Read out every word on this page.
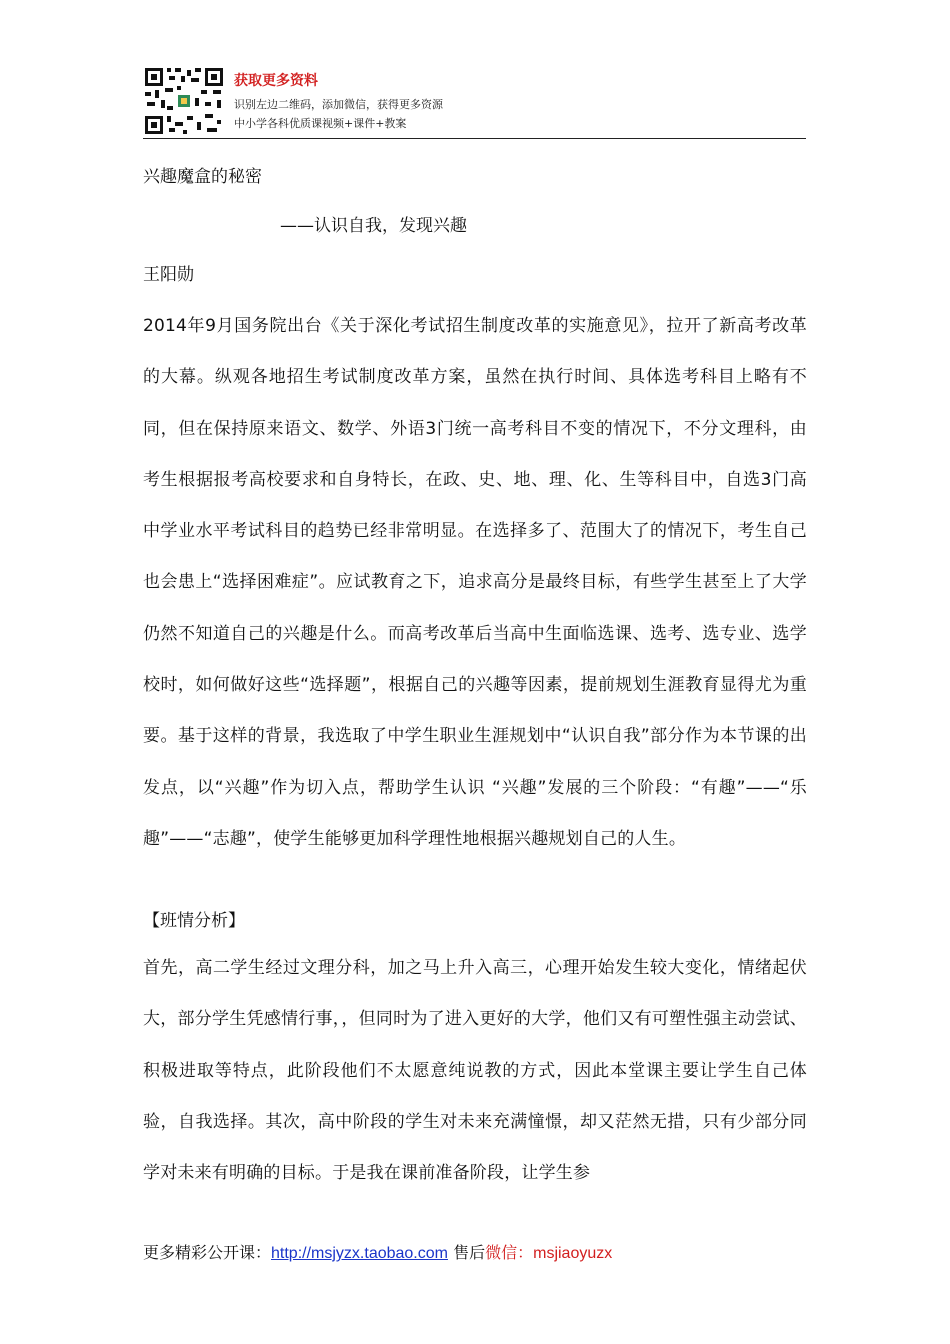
获取更多资料
识别左边二维码，添加微信，获得更多资源
中小学各科优质课视频+课件+教案
兴趣魔盒的秘密
——认识自我，发现兴趣
王阳勋

2014年9月国务院出台《关于深化考试招生制度改革的实施意见》，拉开了新高考改革的大幕。纵观各地招生考试制度改革方案，虽然在执行时间、具体选考科目上略有不同，但在保持原来语文、数学、外语3门统一高考科目不变的情况下，不分文理科，由考生根据报考高校要求和自身特长，在政、史、地、理、化、生等科目中，自选3门高中学业水平考试科目的趋势已经非常明显。在选择多了、范围大了的情况下，考生自己也会患上“选择困难症”。应试教育之下，追求高分是最终目标，有些学生甚至上了大学仍然不知道自己的兴趣是什么。而高考改革后当高中生面临选课、选考、选专业、选学校时，如何做好这些“选择题”，根据自己的兴趣等因素，提前规划生涯教育显得尤为重要。基于这样的背景，我选取了中学生职业生涯规划中“认识自我”部分作为本节课的出发点，以“兴趣”作为切入点，帮助学生认识 “兴趣”发展的三个阶段：“有趣”——“乐趣”——“志趣”，使学生能够更加科学理性地根据兴趣规划自己的人生。

【班情分析】

首先，高二学生经过文理分科，加之马上升入高三，心理开始发生较大变化，情绪起伏大，部分学生凭感情行事，，但同时为了进入更好的大学，他们又有可塑性强主动尝试、积极进取等特点，此阶段他们不太愿意纯说教的方式，因此本堂课主要让学生自己体验，自我选择。其次，高中阶段的学生对未来充满憧憬，却又茫然无措，只有少部分同学对未来有明确的目标。于是我在课前准备阶段，让学生参

更多精彩公开课：http://msjyzx.taobao.com 售后微信：msjiaoyuzx
